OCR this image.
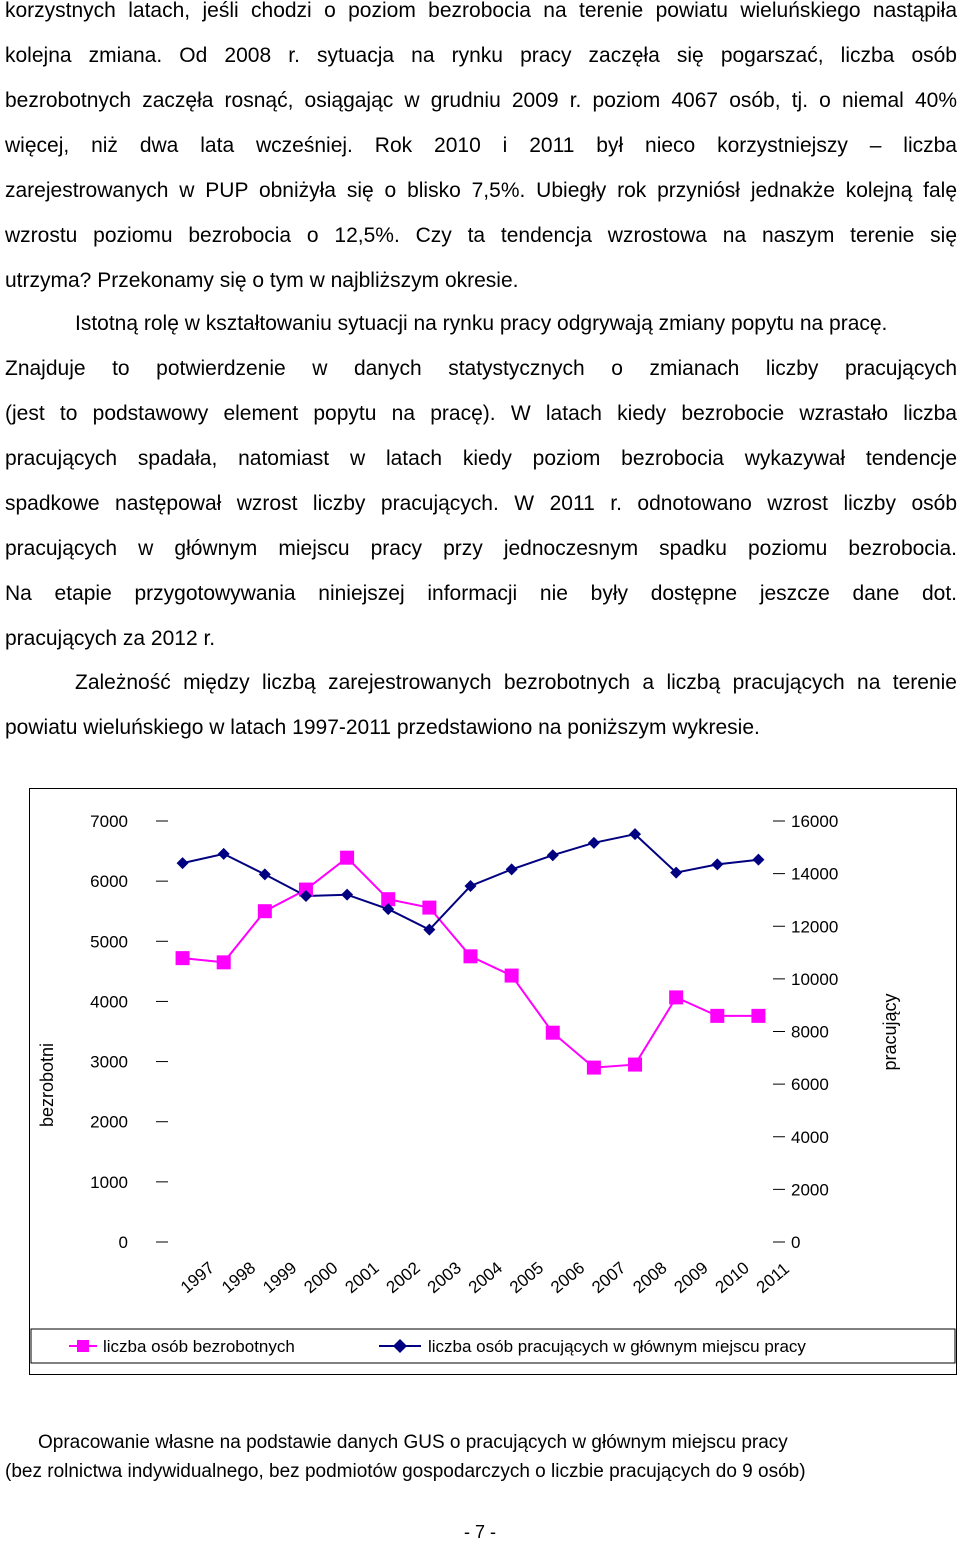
korzystnych latach, jeśli chodzi o poziom bezrobocia na terenie powiatu wieluńskiego nastąpiła
kolejna zmiana. Od 2008 r. sytuacja na rynku pracy zaczęła się pogarszać, liczba osób
bezrobotnych zaczęła rosnąć, osiągając w grudniu 2009 r. poziom 4067 osób, tj. o niemal 40%
więcej, niż dwa lata wcześniej. Rok 2010 i 2011 był nieco korzystniejszy – liczba
zarejestrowanych w PUP obniżyła się o blisko 7,5%. Ubiegły rok przyniósł jednakże kolejną falę
wzrostu poziomu bezrobocia o 12,5%. Czy ta tendencja wzrostowa na naszym terenie się
utrzyma? Przekonamy się o tym w najbliższym okresie.
Istotną rolę w kształtowaniu sytuacji na rynku pracy odgrywają zmiany popytu na pracę.
Znajduje to potwierdzenie w danych statystycznych o zmianach liczby pracujących
(jest to podstawowy element popytu na pracę). W latach kiedy bezrobocie wzrastało liczba
pracujących spadała, natomiast w latach kiedy poziom bezrobocia wykazywał tendencje
spadkowe następował wzrost liczby pracujących. W 2011 r. odnotowano wzrost liczby osób
pracujących w głównym miejscu pracy przy jednoczesnym spadku poziomu bezrobocia.
Na etapie przygotowywania niniejszej informacji nie były dostępne jeszcze dane dot.
pracujących za 2012 r.
Zależność między liczbą zarejestrowanych bezrobotnych a liczbą pracujących na terenie
powiatu wieluńskiego w latach 1997-2011 przedstawiono na poniższym wykresie.
0
1000
2000
3000
4000
5000
6000
7000
0
2000
4000
6000
8000
10000
12000
14000
16000
1997 1998 1999 2000 2001 2002 2003 2004 2005 2006 2007 2008 2009 2010 2011
bezrobotni
pracujący
liczba osób bezrobotnych	liczba osób pracujących w głównym miejscu pracy
Opracowanie własne na podstawie danych GUS o pracujących w głównym miejscu pracy
(bez rolnictwa indywidualnego, bez podmiotów gospodarczych o liczbie pracujących do 9 osób)
- 7 -
